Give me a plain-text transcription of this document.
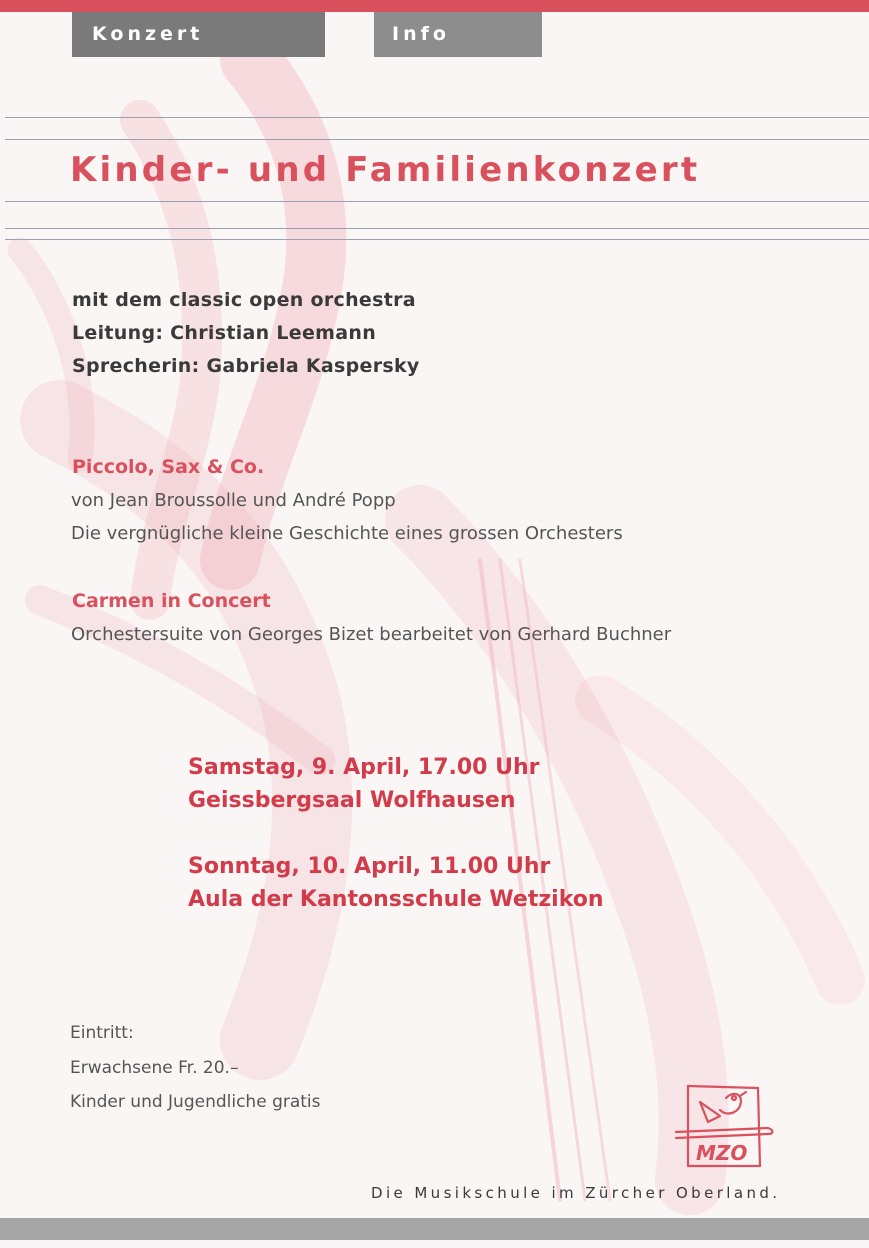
Konzert	Info
Kinder- und Familienkonzert
mit dem classic open orchestra
Leitung: Christian Leemann
Sprecherin: Gabriela Kaspersky
Piccolo, Sax & Co.
von Jean Broussolle und André Popp
Die vergnügliche kleine Geschichte eines grossen Orchesters
Carmen in Concert
Orchestersuite von Georges Bizet bearbeitet von Gerhard Buchner
Samstag, 9. April, 17.00 Uhr
Geissbergsaal Wolfhausen
Sonntag, 10. April, 11.00 Uhr
Aula der Kantonsschule Wetzikon
Eintritt:
Erwachsene Fr. 20.–
Kinder und Jugendliche gratis
MZO
Die Musikschule im Zürcher Oberland.
